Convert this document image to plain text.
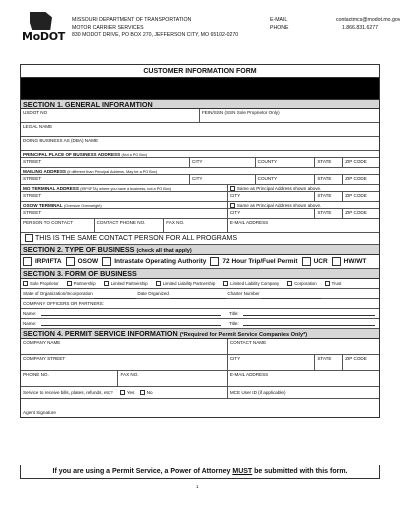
MoDOT
MISSOURI DEPARTMENT OF TRANSPORTATION
MOTOR CARRIER SERVICES
830 MODOT DRIVE, PO BOX 270, JEFFERSON CITY, MO 65102-0270
E-MAIL
PHONE
contactmcs@modot.mo.gov
1.866.831.6277
CUSTOMER INFORMATION FORM
SECTION 1. GENERAL INFORAMTION
USDOT NO	FEIN/SSN (SSN Sole Proprietor Only)
LEGAL NAME
DOING BUSINESS AS (DBA) NAME
PRINCIPAL PLACE OF BUSINESS ADDRESS (Not a PO Box)
STREET	CITY	COUNTY	STATE	ZIP CODE
MAILING ADDRESS (if different than Principal Address, May be a PO Box)
STREET	CITY	COUNTY	STATE	ZIP CODE
MO TERMINAL ADDRESS (IRP/IFTA) where you have a business, not a PO Box)	Same as Principal Address shown above.
STREET	CITY	STATE	ZIP CODE
OSOW TERMINAL (Oversize Overweight)	Same as Principal Address shown above.
STREET	CITY	STATE	ZIP CODE
PERSON TO CONTACT	CONTACT PHONE NO.	FAX NO.	E-MAIL ADDRESS
THIS IS THE SAME CONTACT PERSON FOR ALL PROGRAMS
SECTION 2. TYPE OF BUSINESS (check all that apply)
IRP/IFTA OSOW Intrastate Operating Authority 72 Hour Trip/Fuel Permit UCR HW/WT
SECTION 3. FORM OF BUSINESS
Sole Proprietor	Partnership	Limited Partnership	Limited Liability Partnership	Limited Liability Company	Corporation	Trust
State of Organization/Incorporation	Date Organized	Charter Number
COMPANY OFFICERS OR PARTNERS:
Name:	Title:
Name:	Title:
SECTION 4. PERMIT SERVICE INFORMATION (*Required for Permit Service Companies Only*)
COMPANY NAME	CONTACT NAME
COMPANY STREET	CITY	STATE	ZIP CODE
PHONE NO.	FAX NO.	E-MAIL ADDRESS
Service to receive bills, plates, refunds, etc?	Yes	No	MCE User ID (if applicable)
Agent Signature
If you are using a Permit Service, a Power of Attorney MUST be submitted with this form.
1
